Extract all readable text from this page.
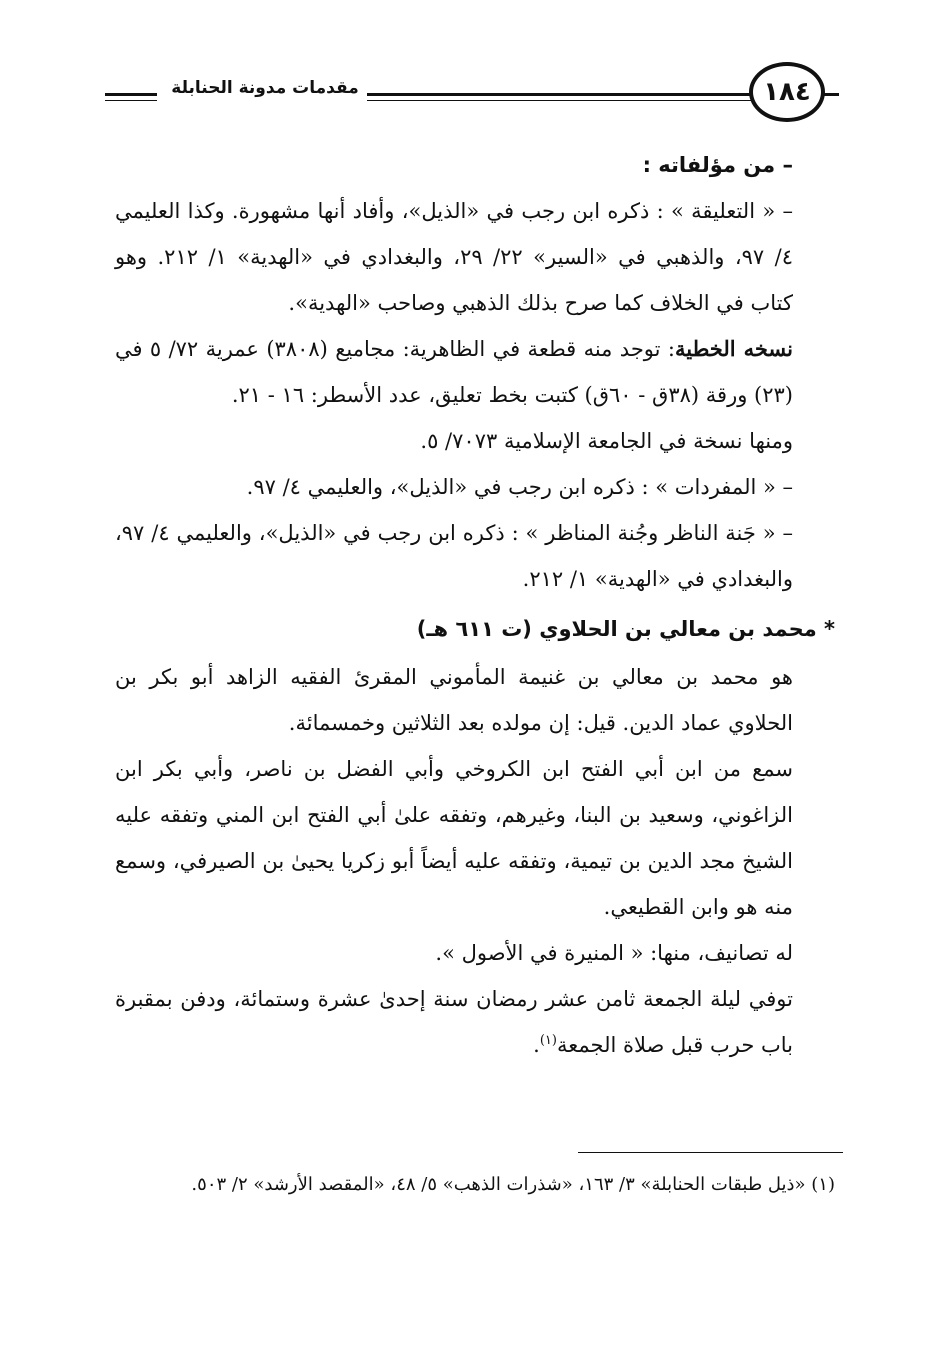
مقدمات مدونة الحنابلة	١٨٤

– من مؤلفاته :

– « التعليقة » : ذكره ابن رجب في «الذيل»، وأفاد أنها مشهورة. وكذا العليمي ٤/ ٩٧، والذهبي في «السير» ٢٢/ ٢٩، والبغدادي في «الهدية» ١/ ٢١٢. وهو كتاب في الخلاف كما صرح بذلك الذهبي وصاحب «الهدية».

نسخه الخطية: توجد منه قطعة في الظاهرية: مجاميع (٣٨٠٨) عمرية ٧٢/ ٥ في (٢٣) ورقة (٣٨ق - ٦٠ق) كتبت بخط تعليق، عدد الأسطر: ١٦ - ٢١.

ومنها نسخة في الجامعة الإسلامية ٧٠٧٣/ ٥.

– « المفردات » : ذكره ابن رجب في «الذيل»، والعليمي ٤/ ٩٧.

– « جَنة الناظر وجُنة المناظر » : ذكره ابن رجب في «الذيل»، والعليمي ٤/ ٩٧، والبغدادي في «الهدية» ١/ ٢١٢.

* محمد بن معالي بن الحلاوي (ت ٦١١ هـ)

هو محمد بن معالي بن غنيمة المأموني المقرئ الفقيه الزاهد أبو بكر بن الحلاوي عماد الدين. قيل: إن مولده بعد الثلاثين وخمسمائة.

سمع من ابن أبي الفتح ابن الكروخي وأبي الفضل بن ناصر، وأبي بكر ابن الزاغوني، وسعيد بن البنا، وغيرهم، وتفقه علىٰ أبي الفتح ابن المني وتفقه عليه الشيخ مجد الدين بن تيمية، وتفقه عليه أيضاً أبو زكريا يحيىٰ بن الصيرفي، وسمع منه هو وابن القطيعي.

له تصانيف، منها: « المنيرة في الأصول ».

توفي ليلة الجمعة ثامن عشر رمضان سنة إحدىٰ عشرة وستمائة، ودفن بمقبرة باب حرب قبل صلاة الجمعة$^{(١)}$.

(١) «ذيل طبقات الحنابلة» ٣/ ١٦٣، «شذرات الذهب» ٥/ ٤٨، «المقصد الأرشد» ٢/ ٥٠٣.
